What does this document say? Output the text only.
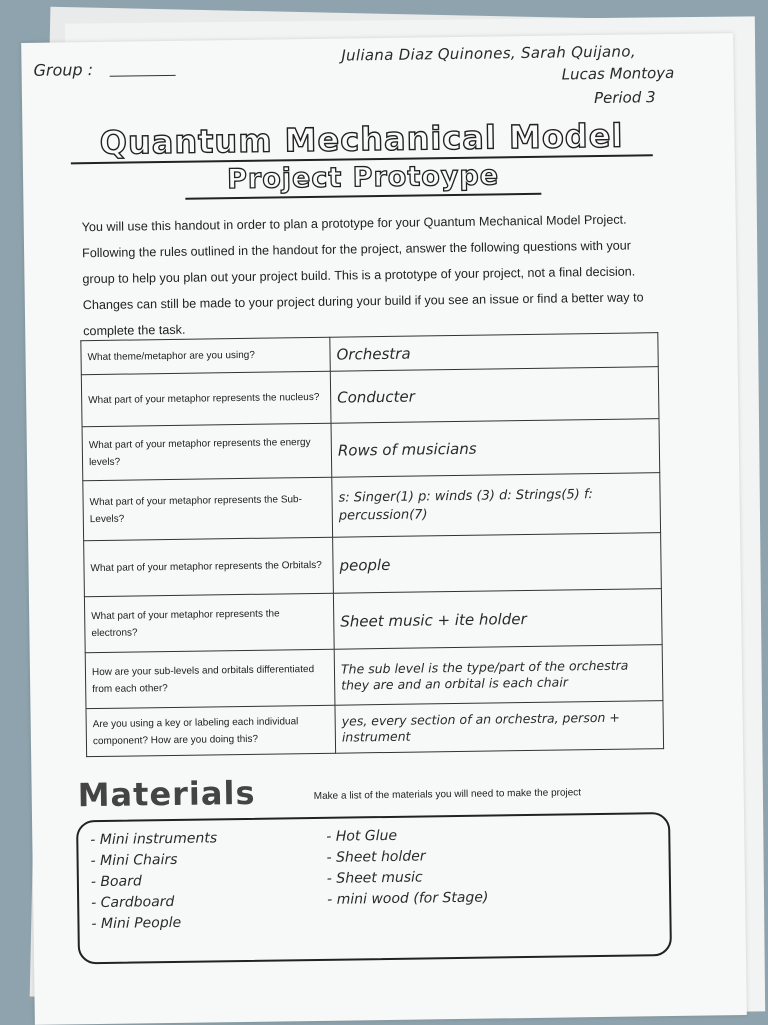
Group :
Juliana Diaz Quinones, Sarah Quijano,
Lucas Montoya
Period 3
Quantum Mechanical Model
Project Protoype
You will use this handout in order to plan a prototype for your Quantum Mechanical Model Project. Following the rules outlined in the handout for the project, answer the following questions with your group to help you plan out your project build. This is a prototype of your project, not a final decision. Changes can still be made to your project during your build if you see an issue or find a better way to complete the task.
What theme/metaphor are you using?	Orchestra
What part of your metaphor represents the nucleus?	Conducter
What part of your metaphor represents the energy levels?	Rows of musicians
What part of your metaphor represents the Sub-Levels?	s: Singer(1) p: winds (3) d: Strings(5) f: percussion(7)
What part of your metaphor represents the Orbitals?	people
What part of your metaphor represents the electrons?	Sheet music + ite holder
How are your sub-levels and orbitals differentiated from each other?	The sub level is the type/part of the orchestra they are and an orbital is each chair
Are you using a key or labeling each individual component? How are you doing this?	yes, every section of an orchestra, person + instrument
Materials	Make a list of the materials you will need to make the project
- Mini instruments
- Mini Chairs
- Board
- Cardboard
- Mini People
- Hot Glue
- Sheet holder
- Sheet music
- mini wood (for Stage)
